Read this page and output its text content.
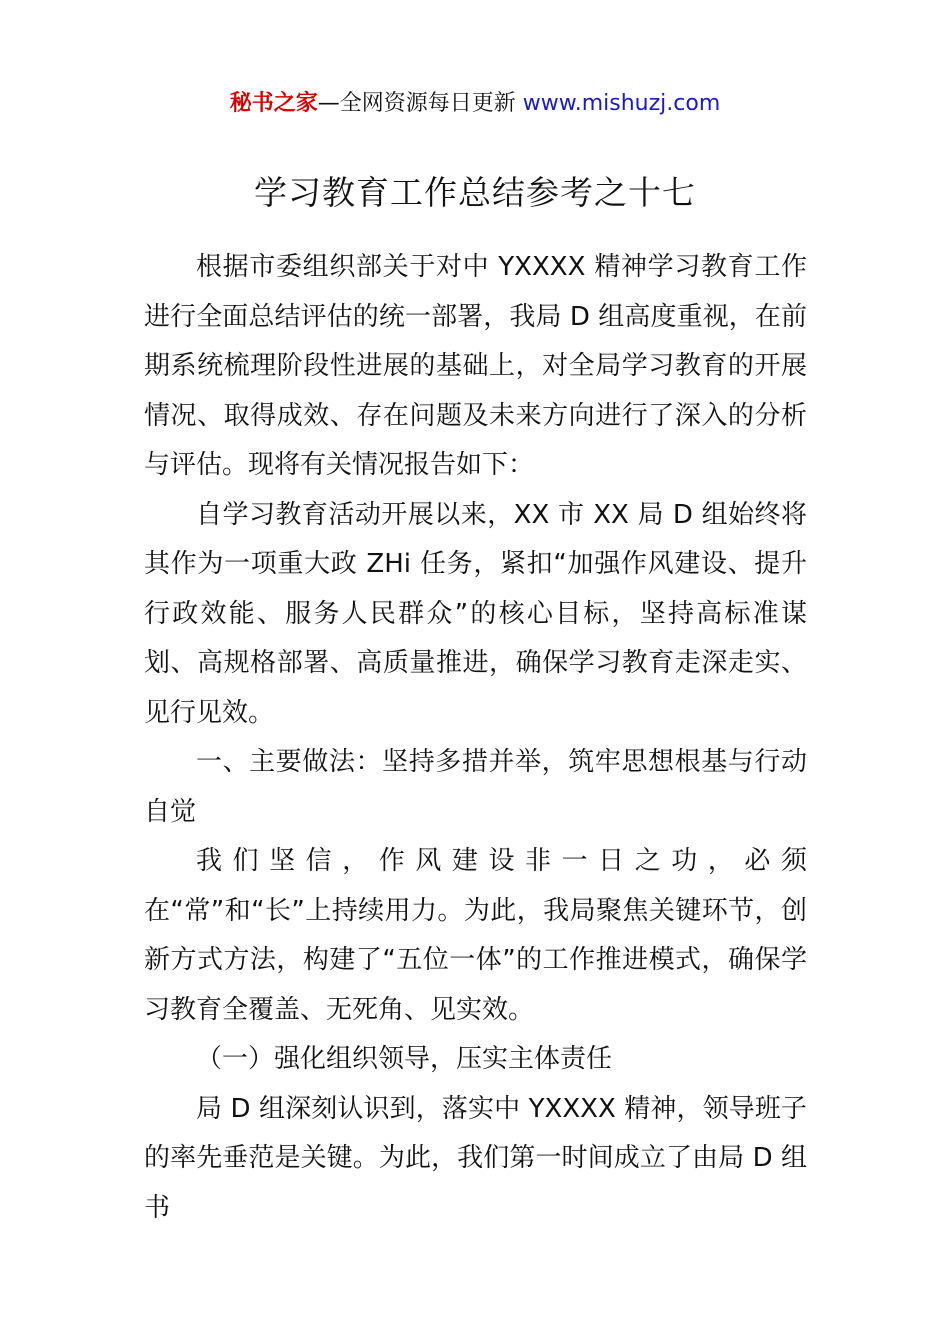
秘书之家—全网资源每日更新 www.mishuzj.com
学习教育工作总结参考之十七

根据市委组织部关于对中 YXXXX 精神学习教育工作进行全面总结评估的统一部署，我局 D 组高度重视，在前期系统梳理阶段性进展的基础上，对全局学习教育的开展情况、取得成效、存在问题及未来方向进行了深入的分析与评估。现将有关情况报告如下：

自学习教育活动开展以来，XX 市 XX 局 D 组始终将其作为一项重大政 ZHi 任务，紧扣“加强作风建设、提升行政效能、服务人民群众”的核心目标，坚持高标准谋划、高规格部署、高质量推进，确保学习教育走深走实、见行见效。

一、主要做法：坚持多措并举，筑牢思想根基与行动自觉

我们坚信，作风建设非一日之功，必须在“常”和“长”上持续用力。为此，我局聚焦关键环节，创新方式方法，构建了“五位一体”的工作推进模式，确保学习教育全覆盖、无死角、见实效。

（一）强化组织领导，压实主体责任

局 D 组深刻认识到，落实中 YXXXX 精神，领导班子的率先垂范是关键。为此，我们第一时间成立了由局 D 组书
